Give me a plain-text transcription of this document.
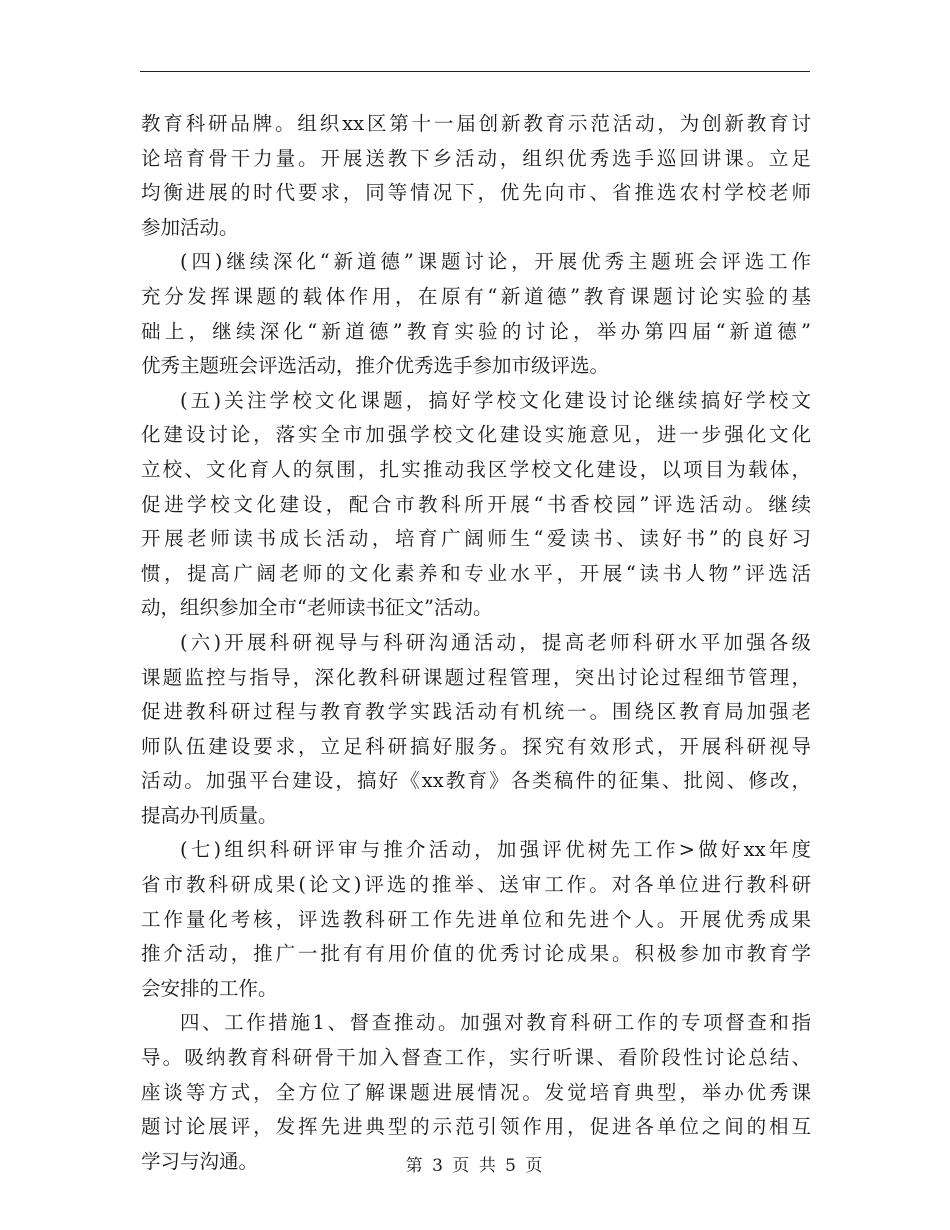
教育科研品牌。组织xx区第十一届创新教育示范活动，为创新教育讨
论培育骨干力量。开展送教下乡活动，组织优秀选手巡回讲课。立足
均衡进展的时代要求，同等情况下，优先向市、省推选农村学校老师
参加活动。
(四)继续深化“新道德”课题讨论，开展优秀主题班会评选工作
充分发挥课题的载体作用，在原有“新道德”教育课题讨论实验的基
础上，继续深化“新道德”教育实验的讨论，举办第四届“新道德”
优秀主题班会评选活动，推介优秀选手参加市级评选。
(五)关注学校文化课题，搞好学校文化建设讨论继续搞好学校文
化建设讨论，落实全市加强学校文化建设实施意见，进一步强化文化
立校、文化育人的氛围，扎实推动我区学校文化建设，以项目为载体，
促进学校文化建设，配合市教科所开展“书香校园”评选活动。继续
开展老师读书成长活动，培育广阔师生“爱读书、读好书”的良好习
惯，提高广阔老师的文化素养和专业水平，开展“读书人物”评选活
动，组织参加全市“老师读书征文”活动。
(六)开展科研视导与科研沟通活动，提高老师科研水平加强各级
课题监控与指导，深化教科研课题过程管理，突出讨论过程细节管理，
促进教科研过程与教育教学实践活动有机统一。围绕区教育局加强老
师队伍建设要求，立足科研搞好服务。探究有效形式，开展科研视导
活动。加强平台建设，搞好《xx教育》各类稿件的征集、批阅、修改，
提高办刊质量。
(七)组织科研评审与推介活动，加强评优树先工作>做好xx年度
省市教科研成果(论文)评选的推举、送审工作。对各单位进行教科研
工作量化考核，评选教科研工作先进单位和先进个人。开展优秀成果
推介活动，推广一批有有用价值的优秀讨论成果。积极参加市教育学
会安排的工作。
四、工作措施1、督查推动。加强对教育科研工作的专项督查和指
导。吸纳教育科研骨干加入督查工作，实行听课、看阶段性讨论总结、
座谈等方式，全方位了解课题进展情况。发觉培育典型，举办优秀课
题讨论展评，发挥先进典型的示范引领作用，促进各单位之间的相互
学习与沟通。	第 3 页 共 5 页
